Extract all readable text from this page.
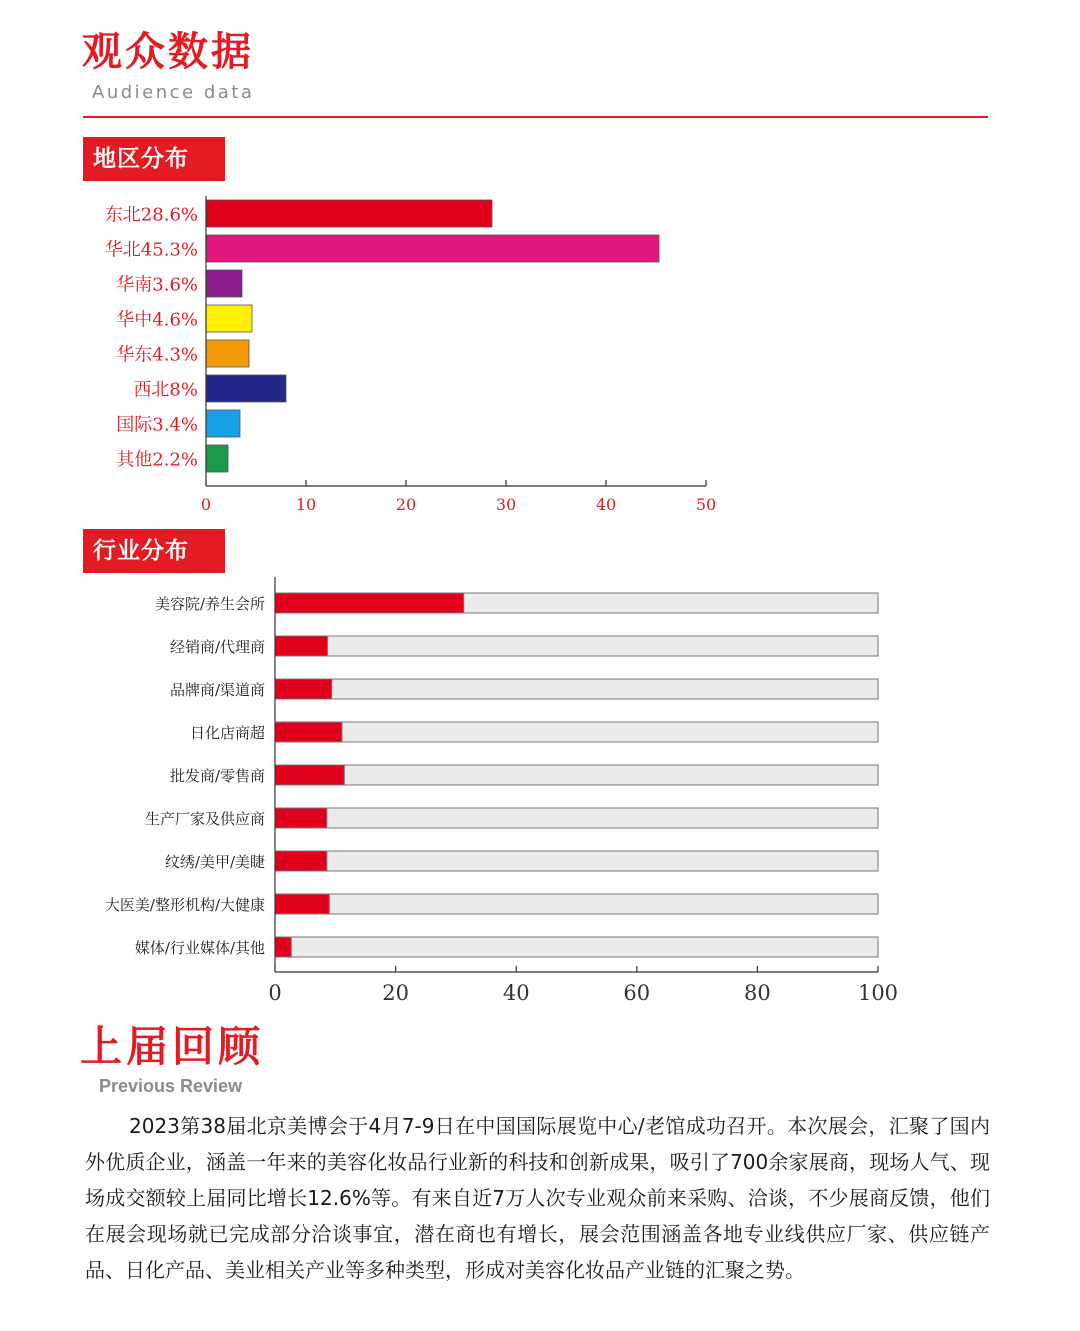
观众数据
Audience data
地区分布
东北28.6%
华北45.3%
华南3.6%
华中4.6%
华东4.3%
西北8%
国际3.4%
其他2.2%
0	10	20	30	40	50
行业分布
美容院/养生会所
经销商/代理商
品牌商/渠道商
日化店商超
批发商/零售商
生产厂家及供应商
纹绣/美甲/美睫
大医美/整形机构/大健康
媒体/行业媒体/其他
0	20	40	60	80	100
上届回顾
Previous Review
2023第38届北京美博会于4月7-9日在中国国际展览中心/老馆成功召开。本次展会，汇聚了国内外优质企业，涵盖一年来的美容化妆品行业新的科技和创新成果，吸引了700余家展商，现场人气、现场成交额较上届同比增长12.6%等。有来自近7万人次专业观众前来采购、洽谈，不少展商反馈，他们在展会现场就已完成部分洽谈事宜，潜在商也有增长，展会范围涵盖各地专业线供应厂家、供应链产品、日化产品、美业相关产业等多种类型，形成对美容化妆品产业链的汇聚之势。
